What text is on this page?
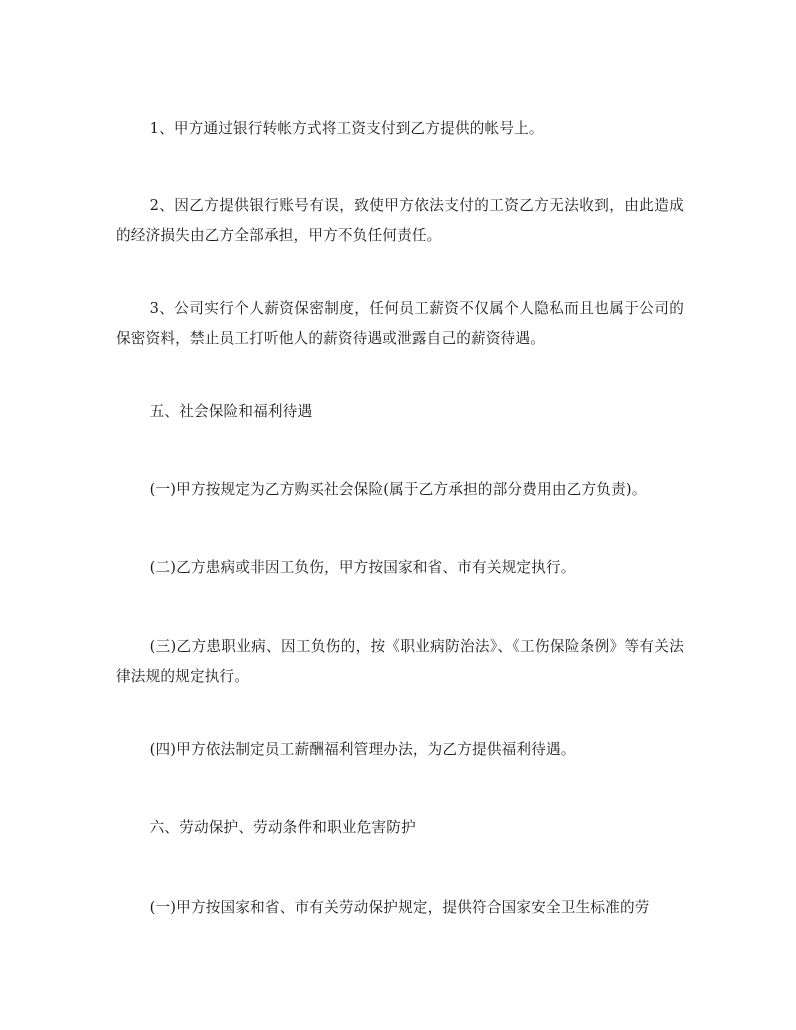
1、甲方通过银行转帐方式将工资支付到乙方提供的帐号上。

2、因乙方提供银行账号有误，致使甲方依法支付的工资乙方无法收到，由此造成的经济损失由乙方全部承担，甲方不负任何责任。

3、公司实行个人薪资保密制度，任何员工薪资不仅属个人隐私而且也属于公司的保密资料，禁止员工打听他人的薪资待遇或泄露自己的薪资待遇。

五、社会保险和福利待遇

(一)甲方按规定为乙方购买社会保险(属于乙方承担的部分费用由乙方负责)。

(二)乙方患病或非因工负伤，甲方按国家和省、市有关规定执行。

(三)乙方患职业病、因工负伤的，按《职业病防治法》、《工伤保险条例》等有关法律法规的规定执行。

(四)甲方依法制定员工薪酬福利管理办法，为乙方提供福利待遇。

六、劳动保护、劳动条件和职业危害防护

(一)甲方按国家和省、市有关劳动保护规定，提供符合国家安全卫生标准的劳
